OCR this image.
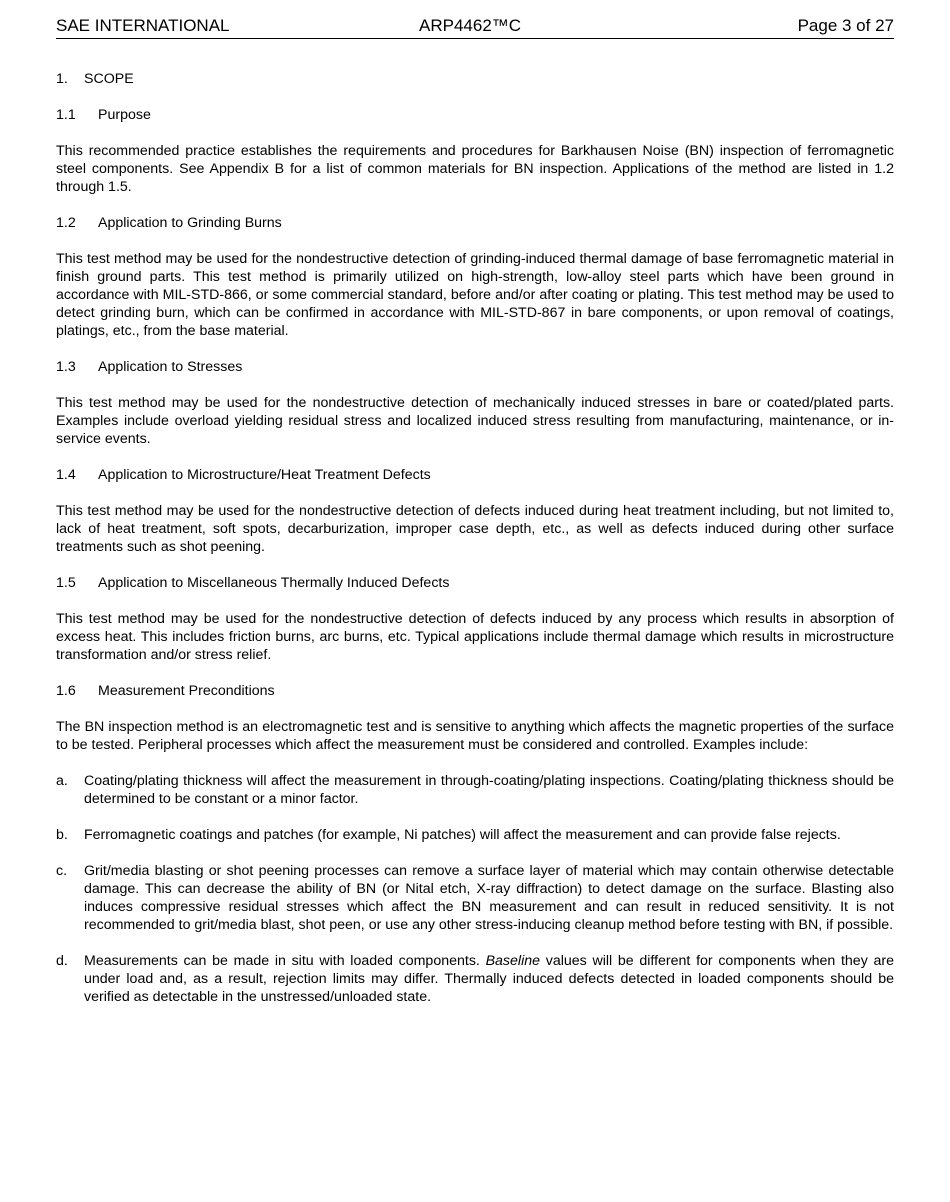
SAE INTERNATIONAL	ARP4462™C	Page 3 of 27
1. SCOPE
1.1 Purpose

This recommended practice establishes the requirements and procedures for Barkhausen Noise (BN) inspection of ferromagnetic steel components. See Appendix B for a list of common materials for BN inspection. Applications of the method are listed in 1.2 through 1.5.

1.2 Application to Grinding Burns

This test method may be used for the nondestructive detection of grinding-induced thermal damage of base ferromagnetic material in finish ground parts. This test method is primarily utilized on high-strength, low-alloy steel parts which have been ground in accordance with MIL-STD-866, or some commercial standard, before and/or after coating or plating. This test method may be used to detect grinding burn, which can be confirmed in accordance with MIL-STD-867 in bare components, or upon removal of coatings, platings, etc., from the base material.

1.3 Application to Stresses

This test method may be used for the nondestructive detection of mechanically induced stresses in bare or coated/plated parts. Examples include overload yielding residual stress and localized induced stress resulting from manufacturing, maintenance, or in-service events.

1.4 Application to Microstructure/Heat Treatment Defects

This test method may be used for the nondestructive detection of defects induced during heat treatment including, but not limited to, lack of heat treatment, soft spots, decarburization, improper case depth, etc., as well as defects induced during other surface treatments such as shot peening.

1.5 Application to Miscellaneous Thermally Induced Defects

This test method may be used for the nondestructive detection of defects induced by any process which results in absorption of excess heat. This includes friction burns, arc burns, etc. Typical applications include thermal damage which results in microstructure transformation and/or stress relief.

1.6 Measurement Preconditions

The BN inspection method is an electromagnetic test and is sensitive to anything which affects the magnetic properties of the surface to be tested. Peripheral processes which affect the measurement must be considered and controlled. Examples include:

a.	Coating/plating thickness will affect the measurement in through-coating/plating inspections. Coating/plating thickness should be determined to be constant or a minor factor.
b.	Ferromagnetic coatings and patches (for example, Ni patches) will affect the measurement and can provide false rejects.
c.	Grit/media blasting or shot peening processes can remove a surface layer of material which may contain otherwise detectable damage. This can decrease the ability of BN (or Nital etch, X-ray diffraction) to detect damage on the surface. Blasting also induces compressive residual stresses which affect the BN measurement and can result in reduced sensitivity. It is not recommended to grit/media blast, shot peen, or use any other stress-inducing cleanup method before testing with BN, if possible.
d.	Measurements can be made in situ with loaded components. Baseline values will be different for components when they are under load and, as a result, rejection limits may differ. Thermally induced defects detected in loaded components should be verified as detectable in the unstressed/unloaded state.
